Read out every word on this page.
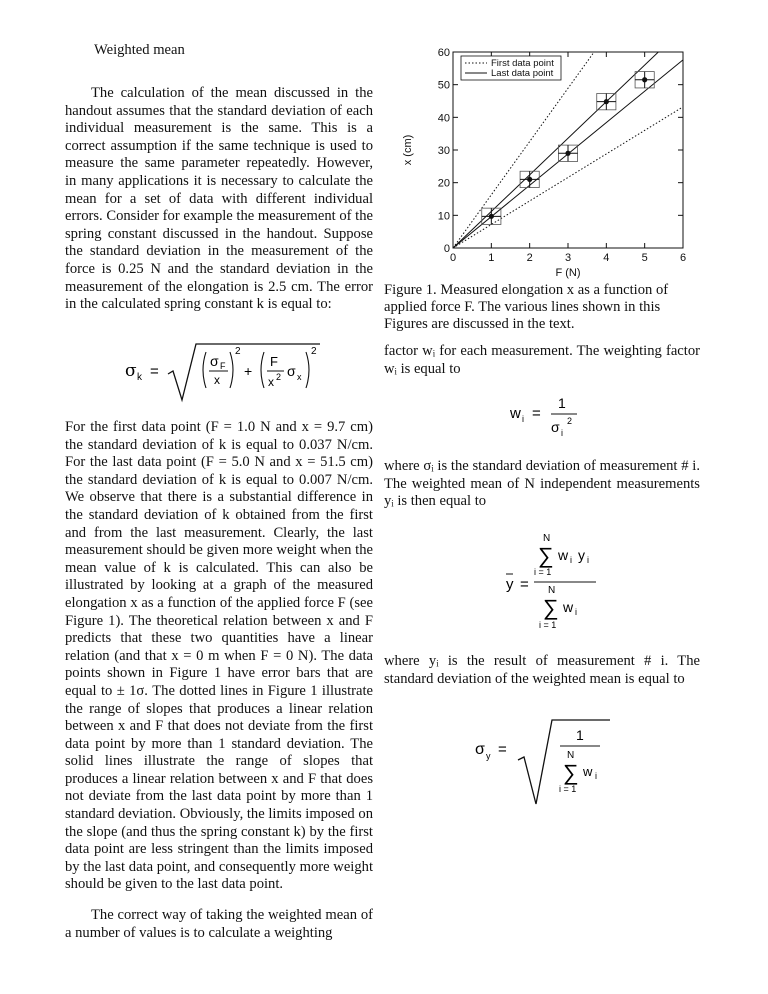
Weighted mean

The calculation of the mean discussed in the handout assumes that the standard deviation of each individual measurement is the same. This is a correct assumption if the same technique is used to measure the same parameter repeatedly. However, in many applications it is necessary to calculate the mean for a set of data with different individual errors. Consider for example the measurement of the spring constant discussed in the handout. Suppose the standard deviation in the measurement of the force is 0.25 N and the standard deviation in the measurement of the elongation is 2.5 cm. The error in the calculated spring constant k is equal to:

σ k =
σ F
x
2
+
F
x 2 σ x
2

For the first data point (F = 1.0 N and x = 9.7 cm) the standard deviation of k is equal to 0.037 N/cm. For the last data point (F = 5.0 N and x = 51.5 cm) the standard deviation of k is equal to 0.007 N/cm. We observe that there is a substantial difference in the standard deviation of k obtained from the first and from the last measurement. Clearly, the last measurement should be given more weight when the mean value of k is calculated. This can also be illustrated by looking at a graph of the measured elongation x as a function of the applied force F (see Figure 1). The theoretical relation between x and F predicts that these two quantities have a linear relation (and that x = 0 m when F = 0 N). The data points shown in Figure 1 have error bars that are equal to ± 1σ. The dotted lines in Figure 1 illustrate the range of slopes that produces a linear relation between x and F that does not deviate from the first data point by more than 1 standard deviation. The solid lines illustrate the range of slopes that produces a linear relation between x and F that does not deviate from the last data point by more than 1 standard deviation. Obviously, the limits imposed on the slope (and thus the spring constant k) by the first data point are less stringent than the limits imposed by the last data point, and consequently more weight should be given to the last data point.

The correct way of taking the weighted mean of a number of values is to calculate a weighting

0	1	2	3	4	5	6
0
10
20
30
40
50
60
F (N)
x (cm)
First data point
Last data point
Figure 1. Measured elongation x as a function of applied force F. The various lines shown in this Figures are discussed in the text.

factor wᵢ for each measurement. The weighting factor wᵢ is equal to

w i =
1
σ i
2

where σᵢ is the standard deviation of measurement # i. The weighted mean of N independent measurements yᵢ is then equal to

y =
N
∑ w i y i
i = 1
N
∑ w i
i = 1

where yᵢ is the result of measurement # i. The standard deviation of the weighted mean is equal to

σ y =
1
N
∑ w i
i = 1
